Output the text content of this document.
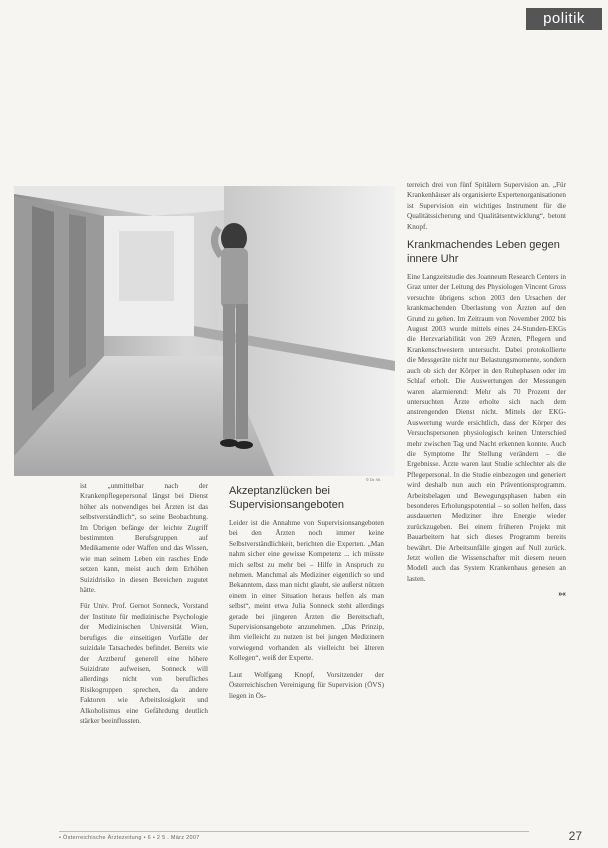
politik
© Dr. W.

ist „unmittelbar nach der Krankenpflegepersonal längst bei Dienst höher als notwendiges bei Ärzten ist das selbstverständlich“, so seine Beobachtung. Im Übrigen befänge der leichte Zugriff bestimmten Berufsgruppen auf Medikamente oder Waffen und das Wissen, wie man seinem Leben ein rasches Ende setzen kann, meist auch dem Erhöhen Suizidrisiko in diesen Bereichen zugutet hätte.

Für Univ. Prof. Gernot Sonneck, Vorstand der Institute für medizinische Psychologie der Medizinischen Universität Wien, berufiges die einseitigen Vorfälle der suizidale Tatsachedes befindet. Bereits wie der Arztberuf generell eine höhere Suizidrate aufweisen, Sonneck will allerdings nicht von berufliches Risikogruppen sprechen, da andere Faktoren wie Arbeitslosigkeit und Alkoholismus eine Gefährdung deutlich stärker beeinflussten.

Akzeptanzlücken bei Supervisionsangeboten

Leider ist die Annahme von Supervisionsangeboten bei den Ärzten noch immer keine Selbstverständlichkeit, berichten die Experten. „Man nahm sicher eine gewisse Kompetenz ... ich müsste mich selbst zu mehr bei – Hilfe in Anspruch zu nehmen. Manchmal als Mediziner eigentlich so und Bekanntem, dass man nicht glaubt, sie außerst nützen einem in einer Situation heraus helfen als man selbst“, meint etwa Julia Sonneck steht allerdings gerade bei jüngeren Ärzten die Bereitschaft, Supervisionsangebote anzunehmen. „Das Prinzip, ihm vielleicht zu nutzen ist bei jungen Medizinern vorwiegend vorhanden als vielleicht bei älteren Kollegen“, weiß der Experte.

Laut Wolfgang Knopf, Vorsitzender der Österreichischen Vereinigung für Supervision (ÖVS) liegen in Ös-

terreich drei von fünf Spitälern Supervision an. „Für Krankenhäuser als organisierte Expertenorganisationen ist Supervision ein wichtiges Instrument für die Qualitätssicherung und Qualitätsentwicklung“, betont Knopf.

Krankmachendes Leben gegen innere Uhr

Eine Langzeitstudie des Joanneum Research Centers in Graz unter der Leitung des Physiologen Vincent Gross versuchte übrigens schon 2003 den Ursachen der krankmachenden Überlastung von Ärzten auf den Grund zu gehen. Im Zeitraum von November 2002 bis August 2003 wurde mittels eines 24-Stunden-EKGs die Herzvariabilität von 269 Ärzten, Pflegern und Krankenschwestern untersucht. Dabei protokollierte die Messgeräte nicht nur Belastungsmomente, sondern auch ob sich der Körper in den Ruhephasen oder im Schlaf erholt. Die Auswertungen der Messungen waren alarmierend: Mehr als 70 Prozent der untersuchten Ärzte erholte sich nach dem anstrengenden Dienst nicht. Mittels der EKG-Auswertung wurde ersichtlich, dass der Körper des Versuchspersonen physiologisch keinen Unterschied mehr zwischen Tag und Nacht erkennen konnte. Auch die Symptome Ihr Stellung verändern – die Ergebnisse. Ärzte waren laut Studie schlechter als die Pflegepersonal. In die Studie einbezogen und generiert wird deshalb nun auch ein Präventionsprogramm. Arbeitsbelagen und Bewegungsphasen haben ein besonderes Erholungspotential – so sollen helfen, dass ausdauerten Mediziner ihre Energie wieder zurückzugeben. Bei einem früheren Projekt mit Bauarbeitern hat sich dieses Programm bereits bewährt. Die Arbeitsunfälle gingen auf Null zurück. Jetzt wollen die Wissenschafter mit diesem neuen Modell auch das System Krankenhaus genesen an lasten.

»«
• Österreichische Ärztezeitung • 6 • 2 5 . März 2007	27
